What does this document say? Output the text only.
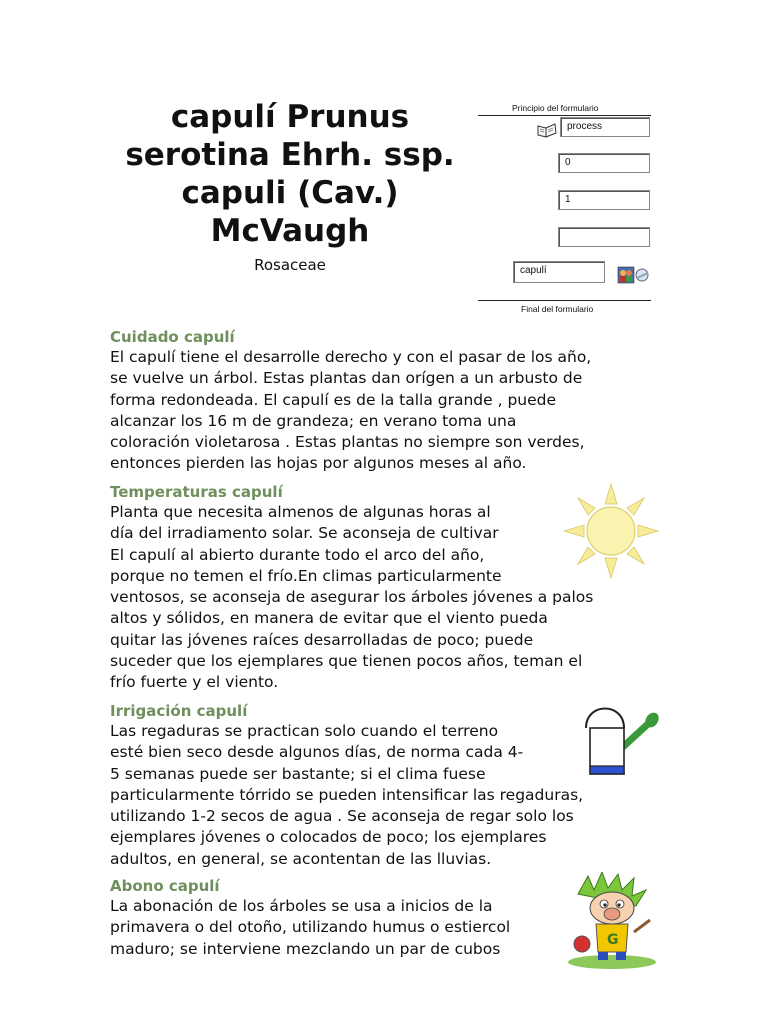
capulí Prunus
serotina Ehrh. ssp.
capuli (Cav.)
McVaugh
Rosaceae
Principio del formulario
process
0
1
capulí
Final del formulario
Cuidado capulí
El capulí tiene el desarrolle derecho y con el pasar de los año,
se vuelve un árbol. Estas plantas dan orígen a un arbusto de
forma redondeada. El capulí es de la talla grande , puede
alcanzar los 16 m de grandeza; en verano toma una
coloración violetarosa . Estas plantas no siempre son verdes,
entonces pierden las hojas por algunos meses al año.
Temperaturas capulí
Planta que necesita almenos de algunas horas al
día del irradiamento solar. Se aconseja de cultivar
El capulí al abierto durante todo el arco del año,
porque no temen el frío.En climas particularmente
ventosos, se aconseja de asegurar los árboles jóvenes a palos
altos y sólidos, en manera de evitar que el viento pueda
quitar las jóvenes raíces desarrolladas de poco; puede
suceder que los ejemplares que tienen pocos años, teman el
frío fuerte y el viento.
Irrigación capulí
Las regaduras se practican solo cuando el terreno
esté bien seco desde algunos días, de norma cada 4-
5 semanas puede ser bastante; si el clima fuese
particularmente tórrido se pueden intensificar las regaduras,
utilizando 1-2 secos de agua . Se aconseja de regar solo los
ejemplares jóvenes o colocados de poco; los ejemplares
adultos, en general, se acontentan de las lluvias.
Abono capulí
La abonación de los árboles se usa a inicios de la
primavera o del otoño, utilizando humus o estiercol
maduro; se interviene mezclando un par de cubos	G
